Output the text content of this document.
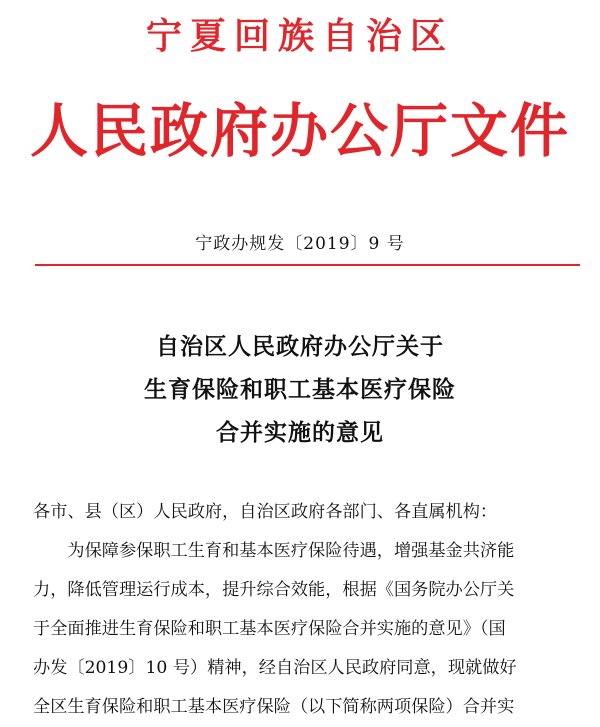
宁夏回族自治区
人民政府办公厅文件
宁政办规发〔2019〕9 号
自治区人民政府办公厅关于
生育保险和职工基本医疗保险
合并实施的意见
各市、县（区）人民政府，自治区政府各部门、各直属机构：
为保障参保职工生育和基本医疗保险待遇，增强基金共济能
力，降低管理运行成本，提升综合效能，根据《国务院办公厅关
于全面推进生育保险和职工基本医疗保险合并实施的意见》（国
办发〔2019〕10 号）精神，经自治区人民政府同意，现就做好
全区生育保险和职工基本医疗保险（以下简称两项保险）合并实
